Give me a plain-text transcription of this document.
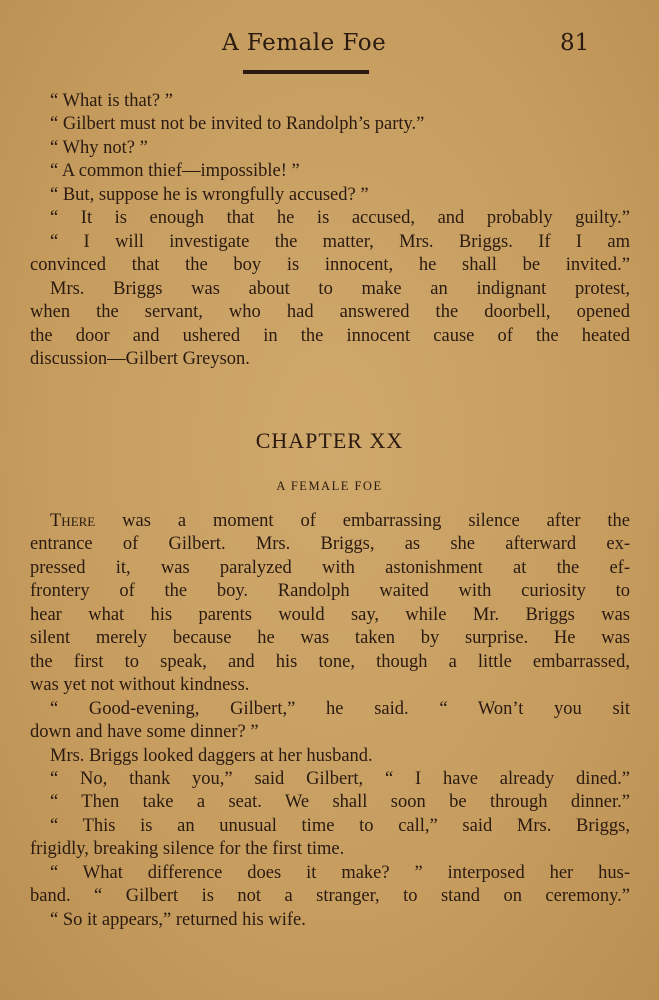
A Female Foe	81
“ What is that? ”
“ Gilbert must not be invited to Randolph’s party.”
“ Why not? ”
“ A common thief—impossible! ”
“ But, suppose he is wrongfully accused? ”
“ It is enough that he is accused, and probably guilty.”
“ I will investigate the matter, Mrs. Briggs. If I am
convinced that the boy is innocent, he shall be invited.”
Mrs. Briggs was about to make an indignant protest,
when the servant, who had answered the doorbell, opened
the door and ushered in the innocent cause of the heated
discussion—Gilbert Greyson.
CHAPTER XX
A FEMALE FOE
There was a moment of embarrassing silence after the
entrance of Gilbert. Mrs. Briggs, as she afterward ex-
pressed it, was paralyzed with astonishment at the ef-
frontery of the boy. Randolph waited with curiosity to
hear what his parents would say, while Mr. Briggs was
silent merely because he was taken by surprise. He was
the first to speak, and his tone, though a little embarrassed,
was yet not without kindness.
“ Good-evening, Gilbert,” he said. “ Won’t you sit
down and have some dinner? ”
Mrs. Briggs looked daggers at her husband.
“ No, thank you,” said Gilbert, “ I have already dined.”
“ Then take a seat. We shall soon be through dinner.”
“ This is an unusual time to call,” said Mrs. Briggs,
frigidly, breaking silence for the first time.
“ What difference does it make? ” interposed her hus-
band. “ Gilbert is not a stranger, to stand on ceremony.”
“ So it appears,” returned his wife.
